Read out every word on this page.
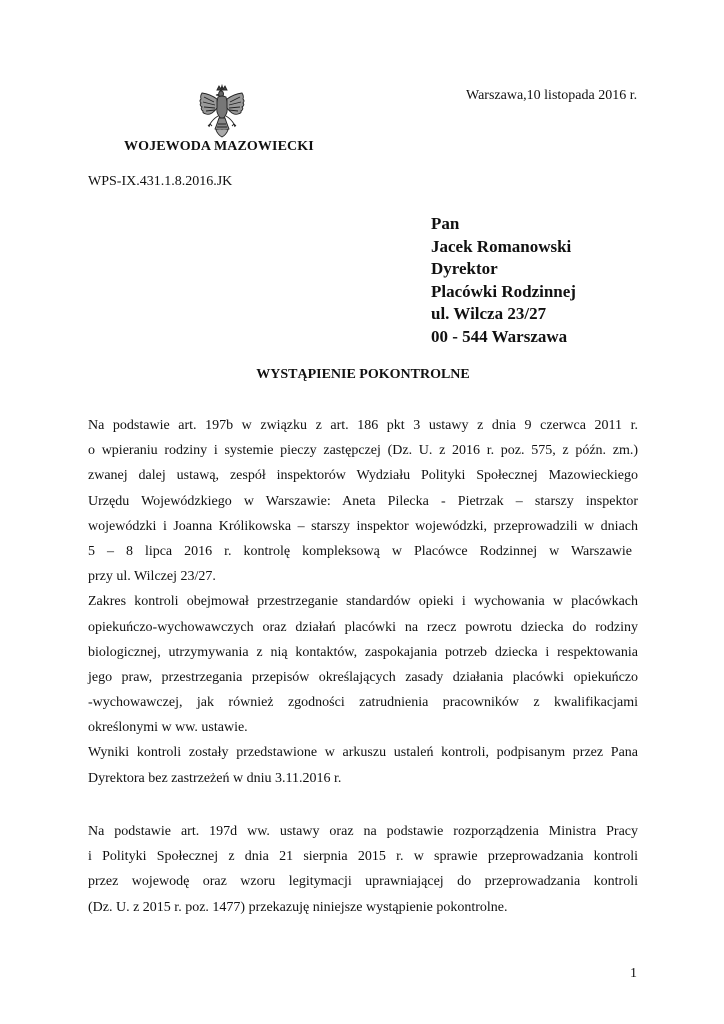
Warszawa,10 listopada 2016 r.
WOJEWODA MAZOWIECKI
WPS-IX.431.1.8.2016.JK
Pan
Jacek Romanowski
Dyrektor
Placówki Rodzinnej
ul. Wilcza 23/27
00 - 544 Warszawa
WYSTĄPIENIE POKONTROLNE
Na podstawie art. 197b w związku z art. 186 pkt 3 ustawy z dnia 9 czerwca 2011 r.
o wpieraniu rodziny i systemie pieczy zastępczej (Dz. U. z 2016 r. poz. 575, z późn. zm.)
zwanej dalej ustawą, zespół inspektorów Wydziału Polityki Społecznej Mazowieckiego
Urzędu Wojewódzkiego w Warszawie: Aneta Pilecka - Pietrzak – starszy inspektor
wojewódzki i Joanna Królikowska – starszy inspektor wojewódzki, przeprowadzili w dniach
5 – 8 lipca 2016 r. kontrolę kompleksową w Placówce Rodzinnej w Warszawie
przy ul. Wilczej 23/27.
Zakres kontroli obejmował przestrzeganie standardów opieki i wychowania w placówkach
opiekuńczo-wychowawczych oraz działań placówki na rzecz powrotu dziecka do rodziny
biologicznej, utrzymywania z nią kontaktów, zaspokajania potrzeb dziecka i respektowania
jego praw, przestrzegania przepisów określających zasady działania placówki opiekuńczo
-wychowawczej, jak również zgodności zatrudnienia pracowników z kwalifikacjami
określonymi w ww. ustawie.
Wyniki kontroli zostały przedstawione w arkuszu ustaleń kontroli, podpisanym przez Pana
Dyrektora bez zastrzeżeń w dniu 3.11.2016 r.
Na podstawie art. 197d ww. ustawy oraz na podstawie rozporządzenia Ministra Pracy
i Polityki Społecznej z dnia 21 sierpnia 2015 r. w sprawie przeprowadzania kontroli
przez wojewodę oraz wzoru legitymacji uprawniającej do przeprowadzania kontroli
(Dz. U. z 2015 r. poz. 1477) przekazuję niniejsze wystąpienie pokontrolne.
1
